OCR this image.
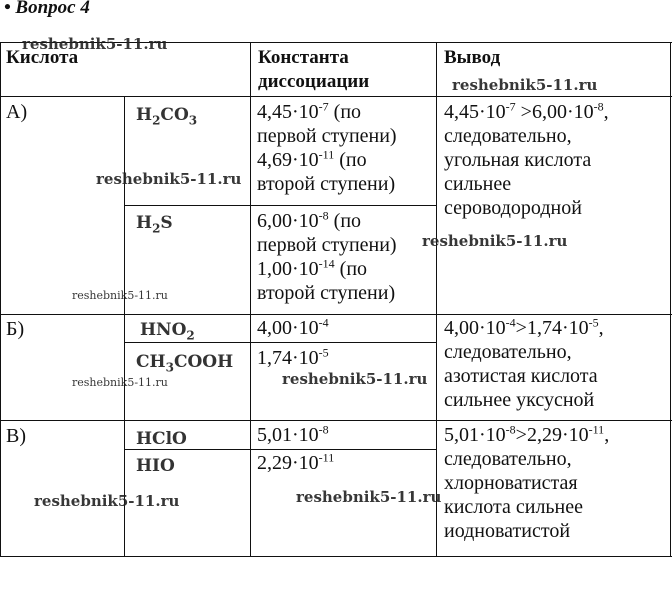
• Вопрос 4
Кислота	Константа
диссоциации
Вывод
А)	$H_2CO_3$	$4,45\cdot 10^{-7}$ (по
первой ступени)
$4,69\cdot 10^{-11}$ (по
второй ступени)
$H_2S$	$6,00\cdot 10^{-8}$ (по
первой ступени)
$1,00\cdot 10^{-14}$ (по
второй ступени)
$4,45\cdot 10^{-7} >6,00\cdot 10^{-8}$,
следовательно,
угольная кислота
сильнее
сероводородной
Б)	$HNO_2$	$4,00\cdot 10^{-4}$
$CH_3COOH$ $1,74\cdot 10^{-5}$
$4,00\cdot 10^{-4}>1,74\cdot 10^{-5}$,
следовательно,
азотистая кислота
сильнее уксусной
В)	HClO	$5,01\cdot 10^{-8}$
HIO	$2,29\cdot 10^{-11}$
$5,01\cdot 10^{-8}>2,29\cdot 10^{-11}$,
следовательно,
хлорноватистая
кислота сильнее
иодноватистой
reshebnik5-11.ru
reshebnik5-11.ru
reshebnik5-11.ru
reshebnik5-11.ru
reshebnik5-11.ru
reshebnik5-11.ru	reshebnik5-11.ru
reshebnik5-11.ru	reshebnik5-11.ru
